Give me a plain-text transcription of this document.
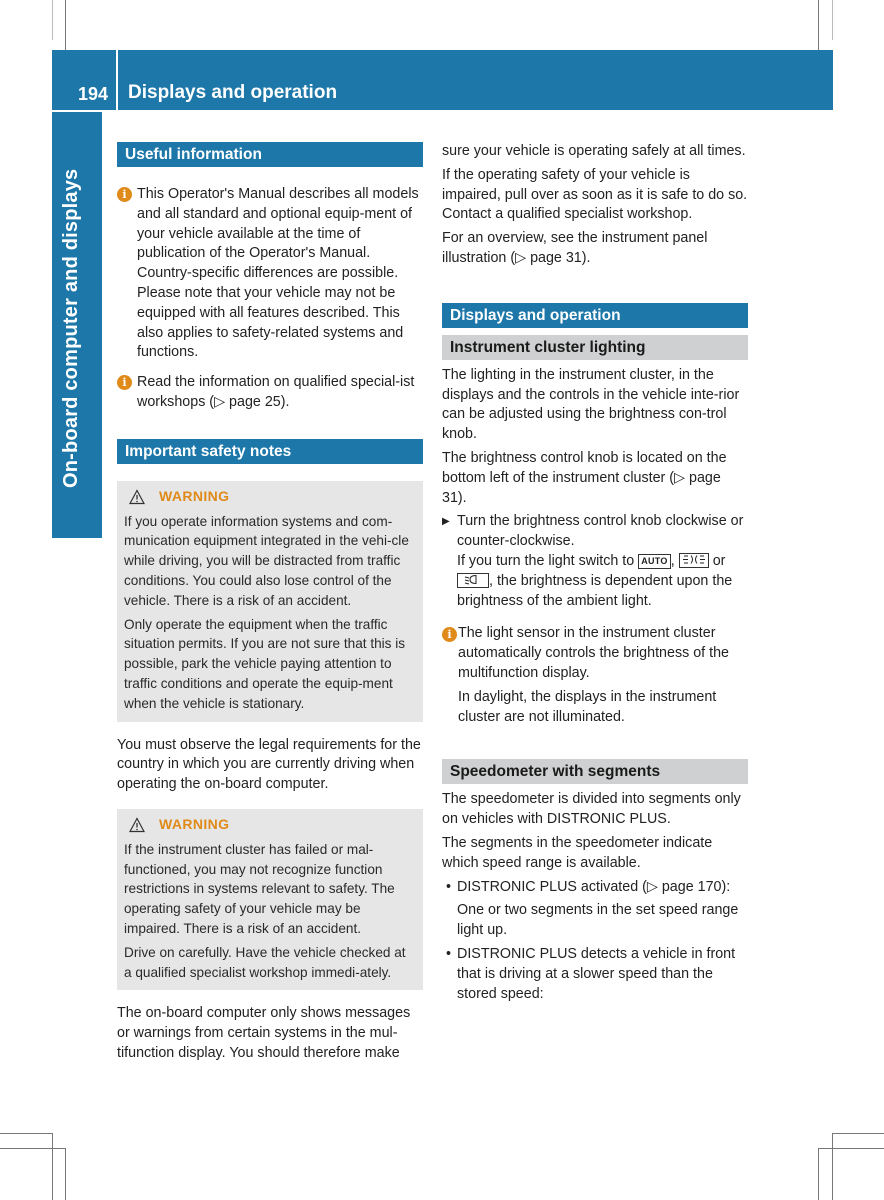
194 Displays and operation
On-board computer and displays
Useful information
i This Operator's Manual describes all models and all standard and optional equip-ment of your vehicle available at the time of publication of the Operator's Manual. Country-specific differences are possible. Please note that your vehicle may not be equipped with all features described. This also applies to safety-related systems and functions.
i Read the information on qualified special-ist workshops (▷ page 25).
Important safety notes
WARNING

If you operate information systems and com-munication equipment integrated in the vehi-cle while driving, you will be distracted from traffic conditions. You could also lose control of the vehicle. There is a risk of an accident.

Only operate the equipment when the traffic situation permits. If you are not sure that this is possible, park the vehicle paying attention to traffic conditions and operate the equip-ment when the vehicle is stationary.

You must observe the legal requirements for the country in which you are currently driving when operating the on-board computer.

WARNING

If the instrument cluster has failed or mal-functioned, you may not recognize function restrictions in systems relevant to safety. The operating safety of your vehicle may be impaired. There is a risk of an accident.

Drive on carefully. Have the vehicle checked at a qualified specialist workshop immedi-ately.

The on-board computer only shows messages or warnings from certain systems in the mul-tifunction display. You should therefore make

sure your vehicle is operating safely at all times.

If the operating safety of your vehicle is impaired, pull over as soon as it is safe to do so. Contact a qualified specialist workshop.

For an overview, see the instrument panel illustration (▷ page 31).

Displays and operation
Instrument cluster lighting

The lighting in the instrument cluster, in the displays and the controls in the vehicle inte-rior can be adjusted using the brightness con-trol knob.

The brightness control knob is located on the bottom left of the instrument cluster (▷ page 31).

▶ Turn the brightness control knob clockwise or counter-clockwise.
If you turn the light switch to AUTO ,	or , the brightness is dependent upon the brightness of the ambient light.
i The light sensor in the instrument cluster automatically controls the brightness of the multifunction display.

In daylight, the displays in the instrument cluster are not illuminated.

Speedometer with segments

The speedometer is divided into segments only on vehicles with DISTRONIC PLUS.

The segments in the speedometer indicate which speed range is available.

• DISTRONIC PLUS activated (▷ page 170):

One or two segments in the set speed range light up.

• DISTRONIC PLUS detects a vehicle in front that is driving at a slower speed than the stored speed:
